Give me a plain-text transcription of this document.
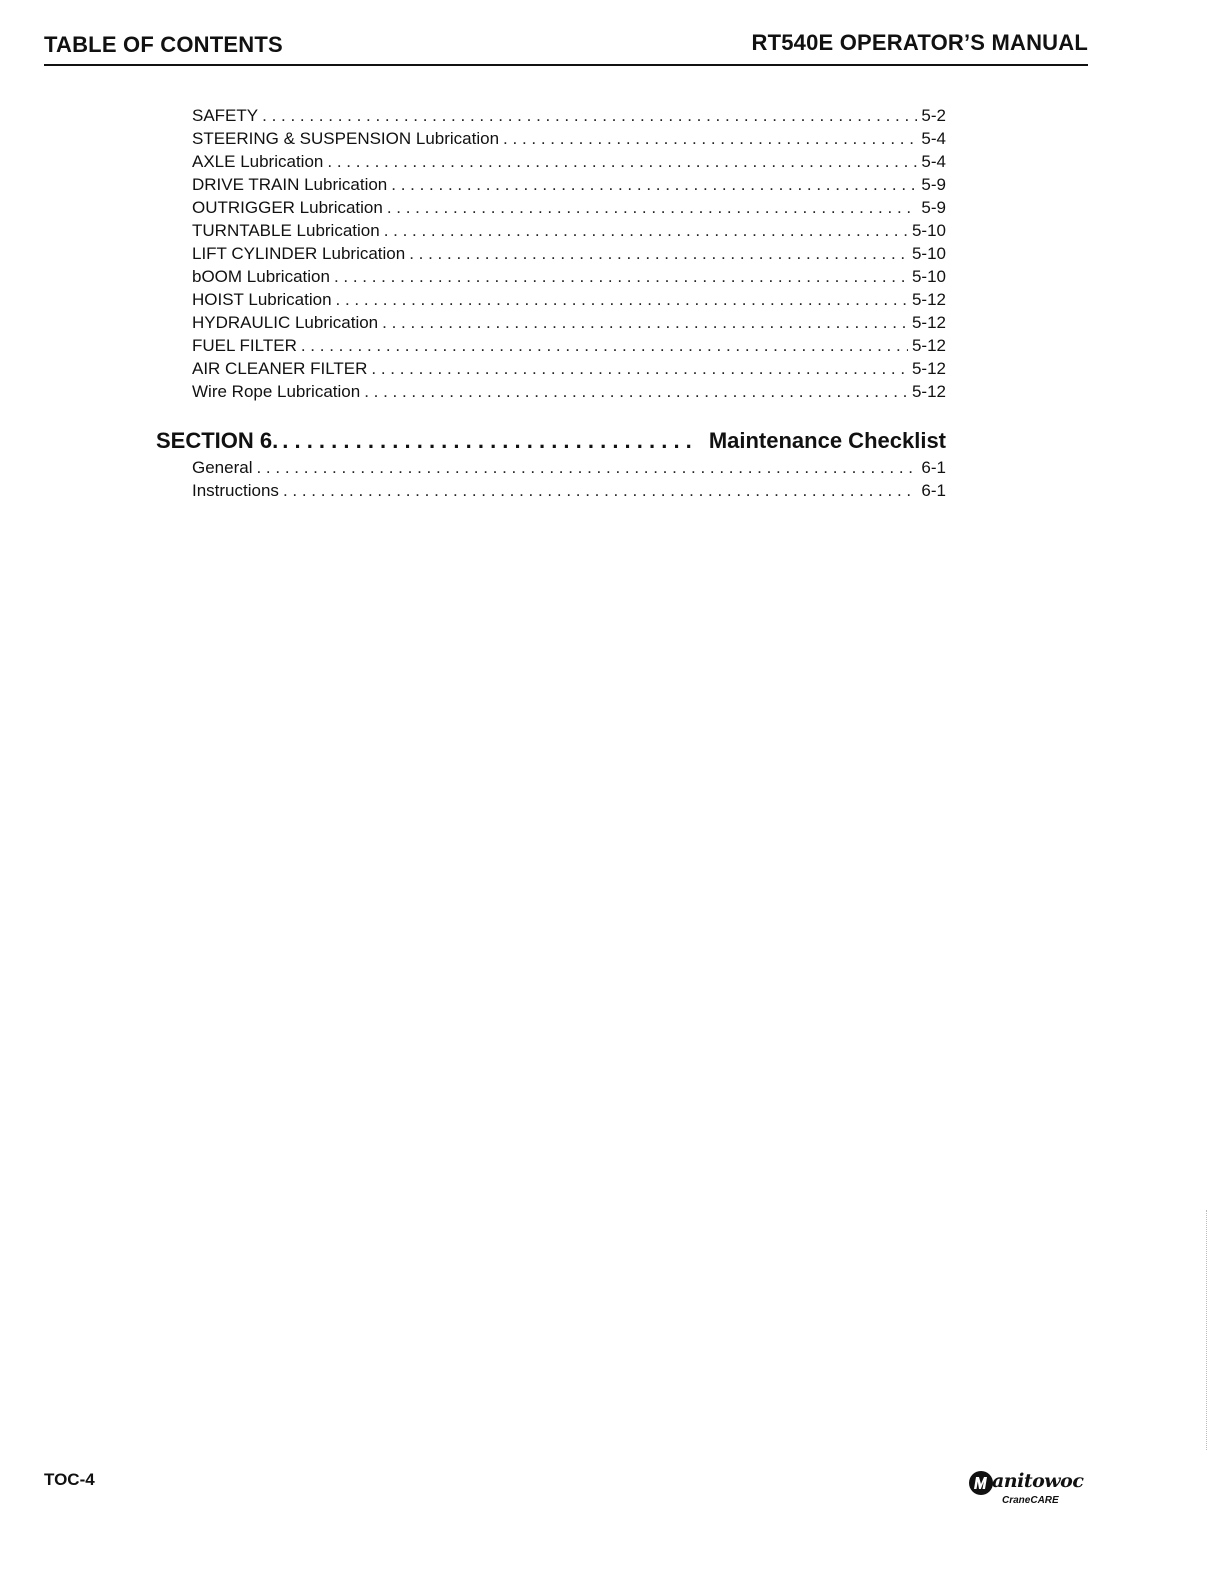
TABLE OF CONTENTS	RT540E OPERATOR’S MANUAL
SAFETY . . .	5-2
STEERING & SUSPENSION Lubrication . . .	5-4
AXLE Lubrication . . .	5-4
DRIVE TRAIN Lubrication . . .	5-9
OUTRIGGER Lubrication . . .	5-9
TURNTABLE Lubrication . . .	5-10
LIFT CYLINDER Lubrication . . .	5-10
bOOM Lubrication . . .	5-10
HOIST Lubrication . . .	5-12
HYDRAULIC Lubrication . . .	5-12
FUEL FILTER . . .	5-12
AIR CLEANER FILTER . . .	5-12
Wire Rope Lubrication . . .	5-12
SECTION 6. . . .	Maintenance Checklist
General . . .	6-1
Instructions . . .	6-1
TOC-4	anitowoc
CraneCARE
